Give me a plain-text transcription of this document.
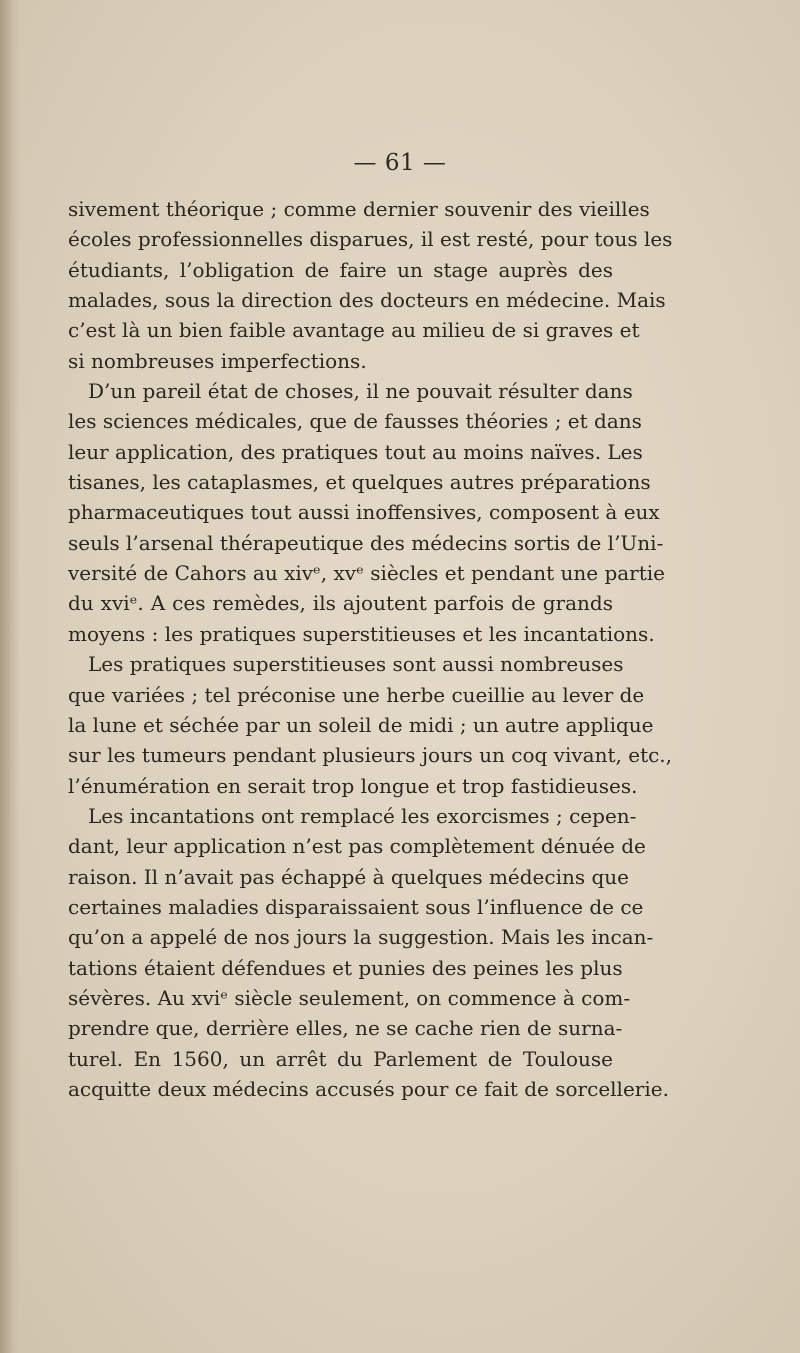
— 61 —
sivement théorique ; comme dernier souvenir des vieilles
écoles professionnelles disparues, il est resté, pour tous les
étudiants, l’obligation de faire un stage auprès des
malades, sous la direction des docteurs en médecine. Mais
c’est là un bien faible avantage au milieu de si graves et
si nombreuses imperfections.
D’un pareil état de choses, il ne pouvait résulter dans
les sciences médicales, que de fausses théories ; et dans
leur application, des pratiques tout au moins naïves. Les
tisanes, les cataplasmes, et quelques autres préparations
pharmaceutiques tout aussi inoffensives, composent à eux
seuls l’arsenal thérapeutique des médecins sortis de l’Uni-
versité de Cahors au xivᵉ, xvᵉ siècles et pendant une partie
du xviᵉ. A ces remèdes, ils ajoutent parfois de grands
moyens : les pratiques superstitieuses et les incantations.
Les pratiques superstitieuses sont aussi nombreuses
que variées ; tel préconise une herbe cueillie au lever de
la lune et séchée par un soleil de midi ; un autre applique
sur les tumeurs pendant plusieurs jours un coq vivant, etc.,
l’énumération en serait trop longue et trop fastidieuses.
Les incantations ont remplacé les exorcismes ; cepen-
dant, leur application n’est pas complètement dénuée de
raison. Il n’avait pas échappé à quelques médecins que
certaines maladies disparaissaient sous l’influence de ce
qu’on a appelé de nos jours la suggestion. Mais les incan-
tations étaient défendues et punies des peines les plus
sévères. Au xviᵉ siècle seulement, on commence à com-
prendre que, derrière elles, ne se cache rien de surna-
turel. En 1560, un arrêt du Parlement de Toulouse
acquitte deux médecins accusés pour ce fait de sorcellerie.
